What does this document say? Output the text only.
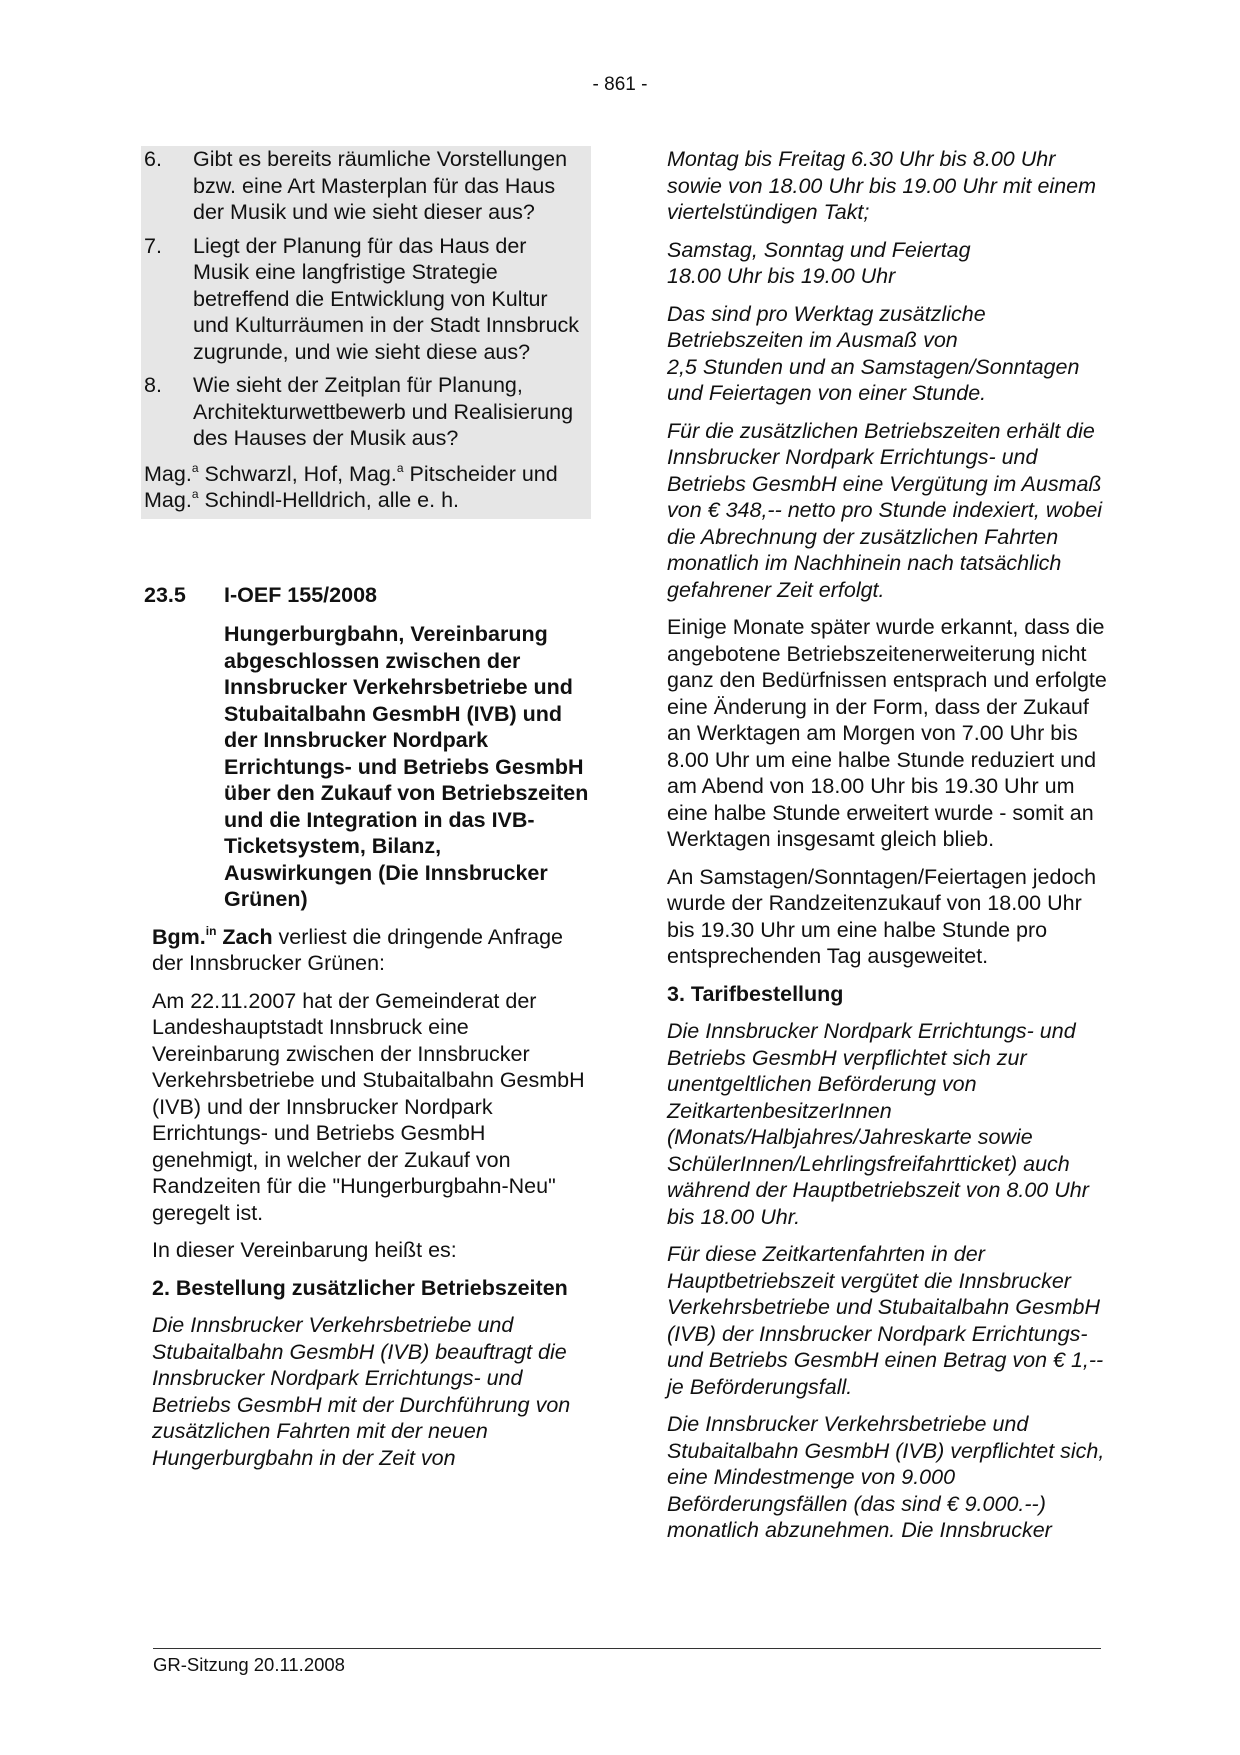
- 861 -
6.	Gibt es bereits räumliche Vorstellungen bzw. eine Art Masterplan für das Haus der Musik und wie sieht dieser aus?
7.	Liegt der Planung für das Haus der Musik eine langfristige Strategie betreffend die Entwicklung von Kultur und Kulturräumen in der Stadt Innsbruck zugrunde, und wie sieht diese aus?
8.	Wie sieht der Zeitplan für Planung, Architekturwettbewerb und Realisierung des Hauses der Musik aus?
Mag.$^a$ Schwarzl, Hof, Mag.$^a$ Pitscheider und Mag.$^a$ Schindl-Helldrich, alle e. h.
23.5	I-OEF 155/2008
Hungerburgbahn, Vereinbarung abgeschlossen zwischen der Innsbrucker Verkehrsbetriebe und Stubaitalbahn GesmbH (IVB) und der Innsbrucker Nordpark Errichtungs- und Betriebs GesmbH über den Zukauf von Betriebszeiten und die Integration in das IVB-Ticketsystem, Bilanz, Auswirkungen (Die Innsbrucker Grünen)

Bgm.$^{in}$ Zach verliest die dringende Anfrage der Innsbrucker Grünen:

Am 22.11.2007 hat der Gemeinderat der Landeshauptstadt Innsbruck eine Vereinbarung zwischen der Innsbrucker Verkehrsbetriebe und Stubaitalbahn GesmbH (IVB) und der Innsbrucker Nordpark Errichtungs- und Betriebs GesmbH genehmigt, in welcher der Zukauf von Randzeiten für die "Hungerburgbahn-Neu" geregelt ist.

In dieser Vereinbarung heißt es:

2. Bestellung zusätzlicher Betriebszeiten

Die Innsbrucker Verkehrsbetriebe und Stubaitalbahn GesmbH (IVB) beauftragt die Innsbrucker Nordpark Errichtungs- und Betriebs GesmbH mit der Durchführung von zusätzlichen Fahrten mit der neuen Hungerburgbahn in der Zeit von

Montag bis Freitag 6.30 Uhr bis 8.00 Uhr sowie von 18.00 Uhr bis 19.00 Uhr mit einem viertelstündigen Takt;

Samstag, Sonntag und Feiertag
18.00 Uhr bis 19.00 Uhr

Das sind pro Werktag zusätzliche Betriebszeiten im Ausmaß von
2,5 Stunden und an Samstagen/Sonntagen und Feiertagen von einer Stunde.

Für die zusätzlichen Betriebszeiten erhält die Innsbrucker Nordpark Errichtungs- und Betriebs GesmbH eine Vergütung im Ausmaß von € 348,-- netto pro Stunde indexiert, wobei die Abrechnung der zusätzlichen Fahrten monatlich im Nachhinein nach tatsächlich gefahrener Zeit erfolgt.

Einige Monate später wurde erkannt, dass die angebotene Betriebszeitenerweiterung nicht ganz den Bedürfnissen entsprach und erfolgte eine Änderung in der Form, dass der Zukauf an Werktagen am Morgen von 7.00 Uhr bis 8.00 Uhr um eine halbe Stunde reduziert und am Abend von 18.00 Uhr bis 19.30 Uhr um eine halbe Stunde erweitert wurde - somit an Werktagen insgesamt gleich blieb.

An Samstagen/Sonntagen/Feiertagen jedoch wurde der Randzeitenzukauf von 18.00 Uhr bis 19.30 Uhr um eine halbe Stunde pro entsprechenden Tag ausgeweitet.

3. Tarifbestellung

Die Innsbrucker Nordpark Errichtungs- und Betriebs GesmbH verpflichtet sich zur unentgeltlichen Beförderung von ZeitkartenbesitzerInnen (Monats/Halbjahres/Jahreskarte sowie SchülerInnen/Lehrlingsfreifahrtticket) auch während der Hauptbetriebszeit von 8.00 Uhr bis 18.00 Uhr.

Für diese Zeitkartenfahrten in der Hauptbetriebszeit vergütet die Innsbrucker Verkehrsbetriebe und Stubaitalbahn GesmbH (IVB) der Innsbrucker Nordpark Errichtungs- und Betriebs GesmbH einen Betrag von € 1,-- je Beförderungsfall.

Die Innsbrucker Verkehrsbetriebe und Stubaitalbahn GesmbH (IVB) verpflichtet sich, eine Mindestmenge von 9.000 Beförderungsfällen (das sind € 9.000.--) monatlich abzunehmen. Die Innsbrucker

GR-Sitzung 20.11.2008
